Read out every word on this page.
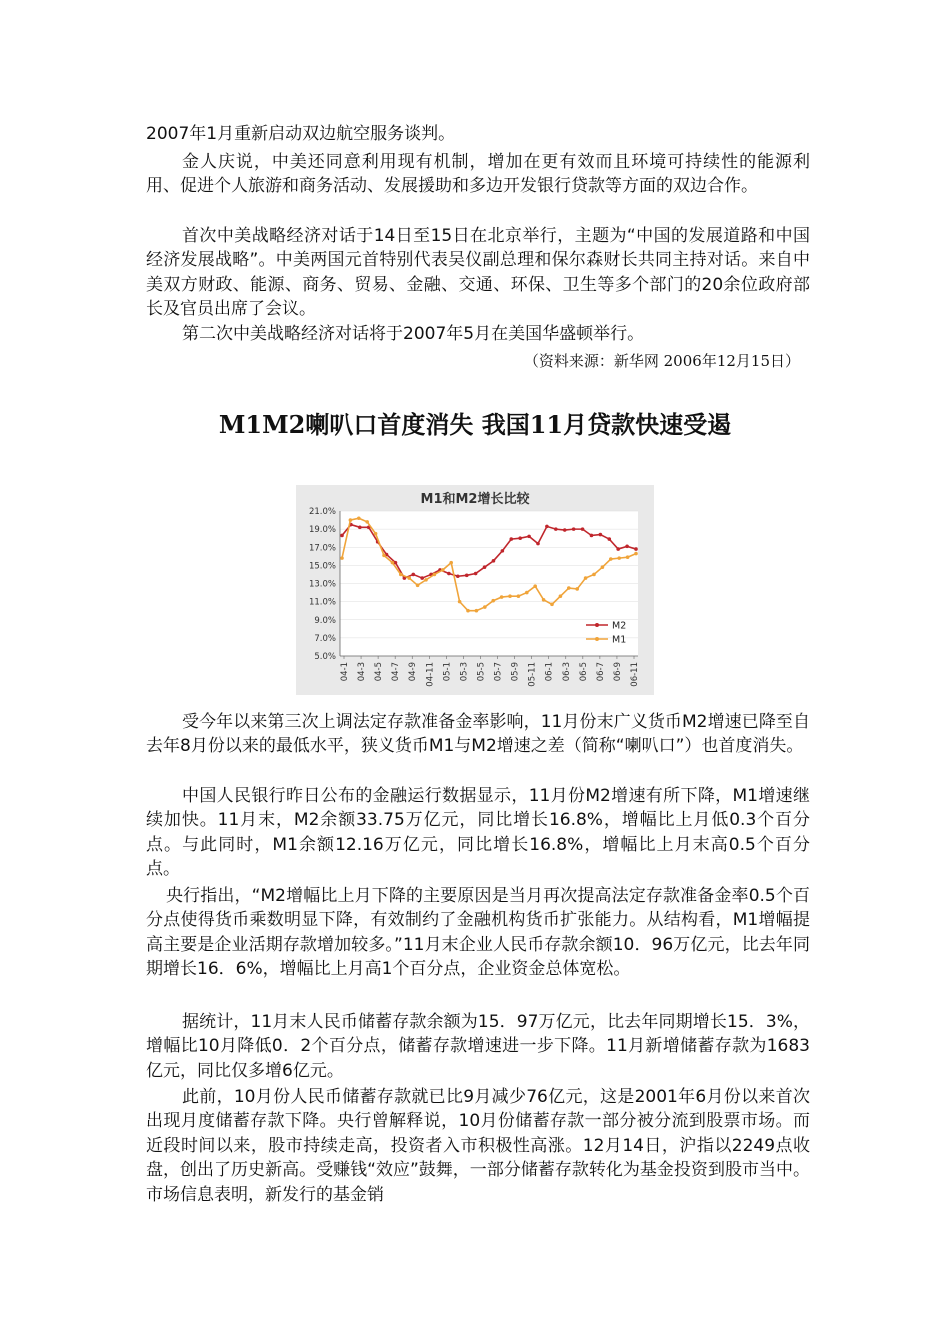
2007年1月重新启动双边航空服务谈判。

金人庆说，中美还同意利用现有机制，增加在更有效而且环境可持续性的能源利用、促进个人旅游和商务活动、发展援助和多边开发银行贷款等方面的双边合作。

首次中美战略经济对话于14日至15日在北京举行，主题为“中国的发展道路和中国经济发展战略”。中美两国元首特别代表吴仪副总理和保尔森财长共同主持对话。来自中美双方财政、能源、商务、贸易、金融、交通、环保、卫生等多个部门的20余位政府部长及官员出席了会议。

第二次中美战略经济对话将于2007年5月在美国华盛顿举行。

（资料来源：新华网 2006年12月15日）
M1M2喇叭口首度消失 我国11月贷款快速受遏
M1和M2增长比较
21.0%
19.0%
17.0%
15.0%
13.0%
11.0%
9.0%
7.0%
5.0%
04-1 04-3 04-5 04-7 04-9 04-11 05-1 05-3 05-5 05-7 05-9 05-11 06-1 06-3 06-5 06-7 06-9 06-11
M2
M1

受今年以来第三次上调法定存款准备金率影响，11月份末广义货币M2增速已降至自去年8月份以来的最低水平，狭义货币M1与M2增速之差（简称“喇叭口”）也首度消失。

中国人民银行昨日公布的金融运行数据显示，11月份M2增速有所下降，M1增速继续加快。11月末，M2余额33.75万亿元，同比增长16.8%，增幅比上月低0.3个百分点。与此同时，M1余额12.16万亿元，同比增长16.8%，增幅比上月末高0.5个百分点。

央行指出，“M2增幅比上月下降的主要原因是当月再次提高法定存款准备金率0.5个百分点使得货币乘数明显下降，有效制约了金融机构货币扩张能力。从结构看，M1增幅提高主要是企业活期存款增加较多。”11月末企业人民币存款余额10．96万亿元，比去年同期增长16．6%，增幅比上月高1个百分点，企业资金总体宽松。

据统计，11月末人民币储蓄存款余额为15．97万亿元，比去年同期增长15．3%，增幅比10月降低0．2个百分点，储蓄存款增速进一步下降。11月新增储蓄存款为1683亿元，同比仅多增6亿元。

此前，10月份人民币储蓄存款就已比9月减少76亿元，这是2001年6月份以来首次出现月度储蓄存款下降。央行曾解释说，10月份储蓄存款一部分被分流到股票市场。而近段时间以来，股市持续走高，投资者入市积极性高涨。12月14日，沪指以2249点收盘，创出了历史新高。受赚钱“效应”鼓舞，一部分储蓄存款转化为基金投资到股市当中。市场信息表明，新发行的基金销
